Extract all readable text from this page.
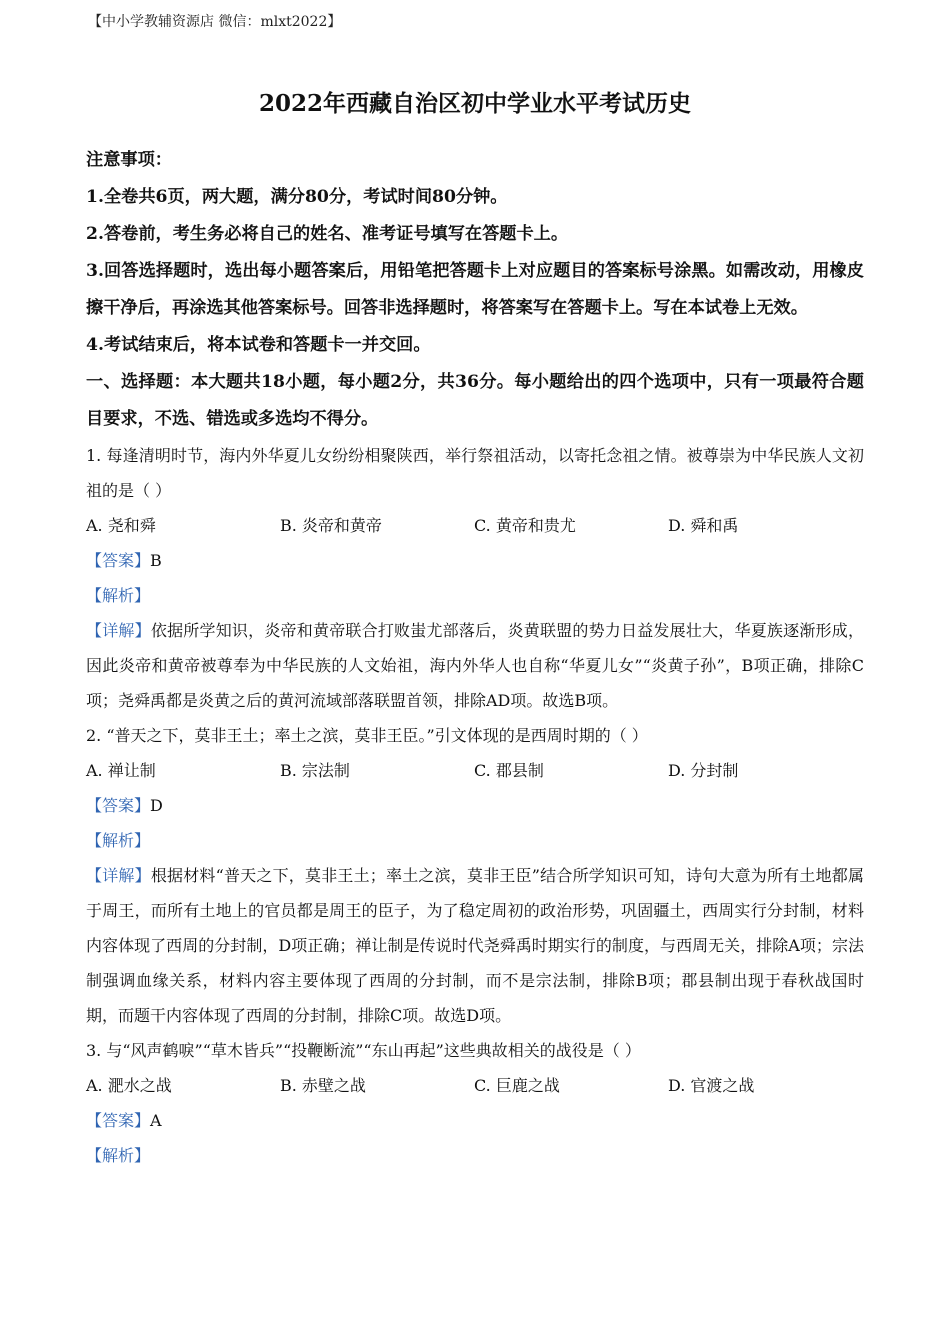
【中小学教辅资源店 微信：mlxt2022】
2022年西藏自治区初中学业水平考试历史

注意事项：

1.全卷共6页，两大题，满分80分，考试时间80分钟。

2.答卷前，考生务必将自己的姓名、准考证号填写在答题卡上。

3.回答选择题时，选出每小题答案后，用铅笔把答题卡上对应题目的答案标号涂黑。如需改动，用橡皮擦干净后，再涂选其他答案标号。回答非选择题时，将答案写在答题卡上。写在本试卷上无效。

4.考试结束后，将本试卷和答题卡一并交回。

一、选择题：本大题共18小题，每小题2分，共36分。每小题给出的四个选项中，只有一项最符合题目要求，不选、错选或多选均不得分。

1. 每逢清明时节，海内外华夏儿女纷纷相聚陕西，举行祭祖活动，以寄托念祖之情。被尊崇为中华民族人文初祖的是（ ）

A. 尧和舜	B. 炎帝和黄帝	C. 黄帝和贵尤	D. 舜和禹

【答案】B

【解析】

【详解】依据所学知识，炎帝和黄帝联合打败蚩尤部落后，炎黄联盟的势力日益发展壮大，华夏族逐渐形成，因此炎帝和黄帝被尊奉为中华民族的人文始祖，海内外华人也自称“华夏儿女”“炎黄子孙”，B项正确，排除C项；尧舜禹都是炎黄之后的黄河流域部落联盟首领，排除AD项。故选B项。

2. “普天之下，莫非王土；率土之滨，莫非王臣。”引文体现的是西周时期的（ ）

A. 禅让制	B. 宗法制	C. 郡县制	D. 分封制

【答案】D

【解析】

【详解】根据材料“普天之下，莫非王土；率土之滨，莫非王臣”结合所学知识可知，诗句大意为所有土地都属于周王，而所有土地上的官员都是周王的臣子，为了稳定周初的政治形势，巩固疆土，西周实行分封制，材料内容体现了西周的分封制，D项正确；禅让制是传说时代尧舜禹时期实行的制度，与西周无关，排除A项；宗法制强调血缘关系，材料内容主要体现了西周的分封制，而不是宗法制，排除B项；郡县制出现于春秋战国时期，而题干内容体现了西周的分封制，排除C项。故选D项。

3. 与“风声鹤唳”“草木皆兵”“投鞭断流”“东山再起”这些典故相关的战役是（ ）

A. 淝水之战	B. 赤壁之战	C. 巨鹿之战	D. 官渡之战

【答案】A

【解析】
